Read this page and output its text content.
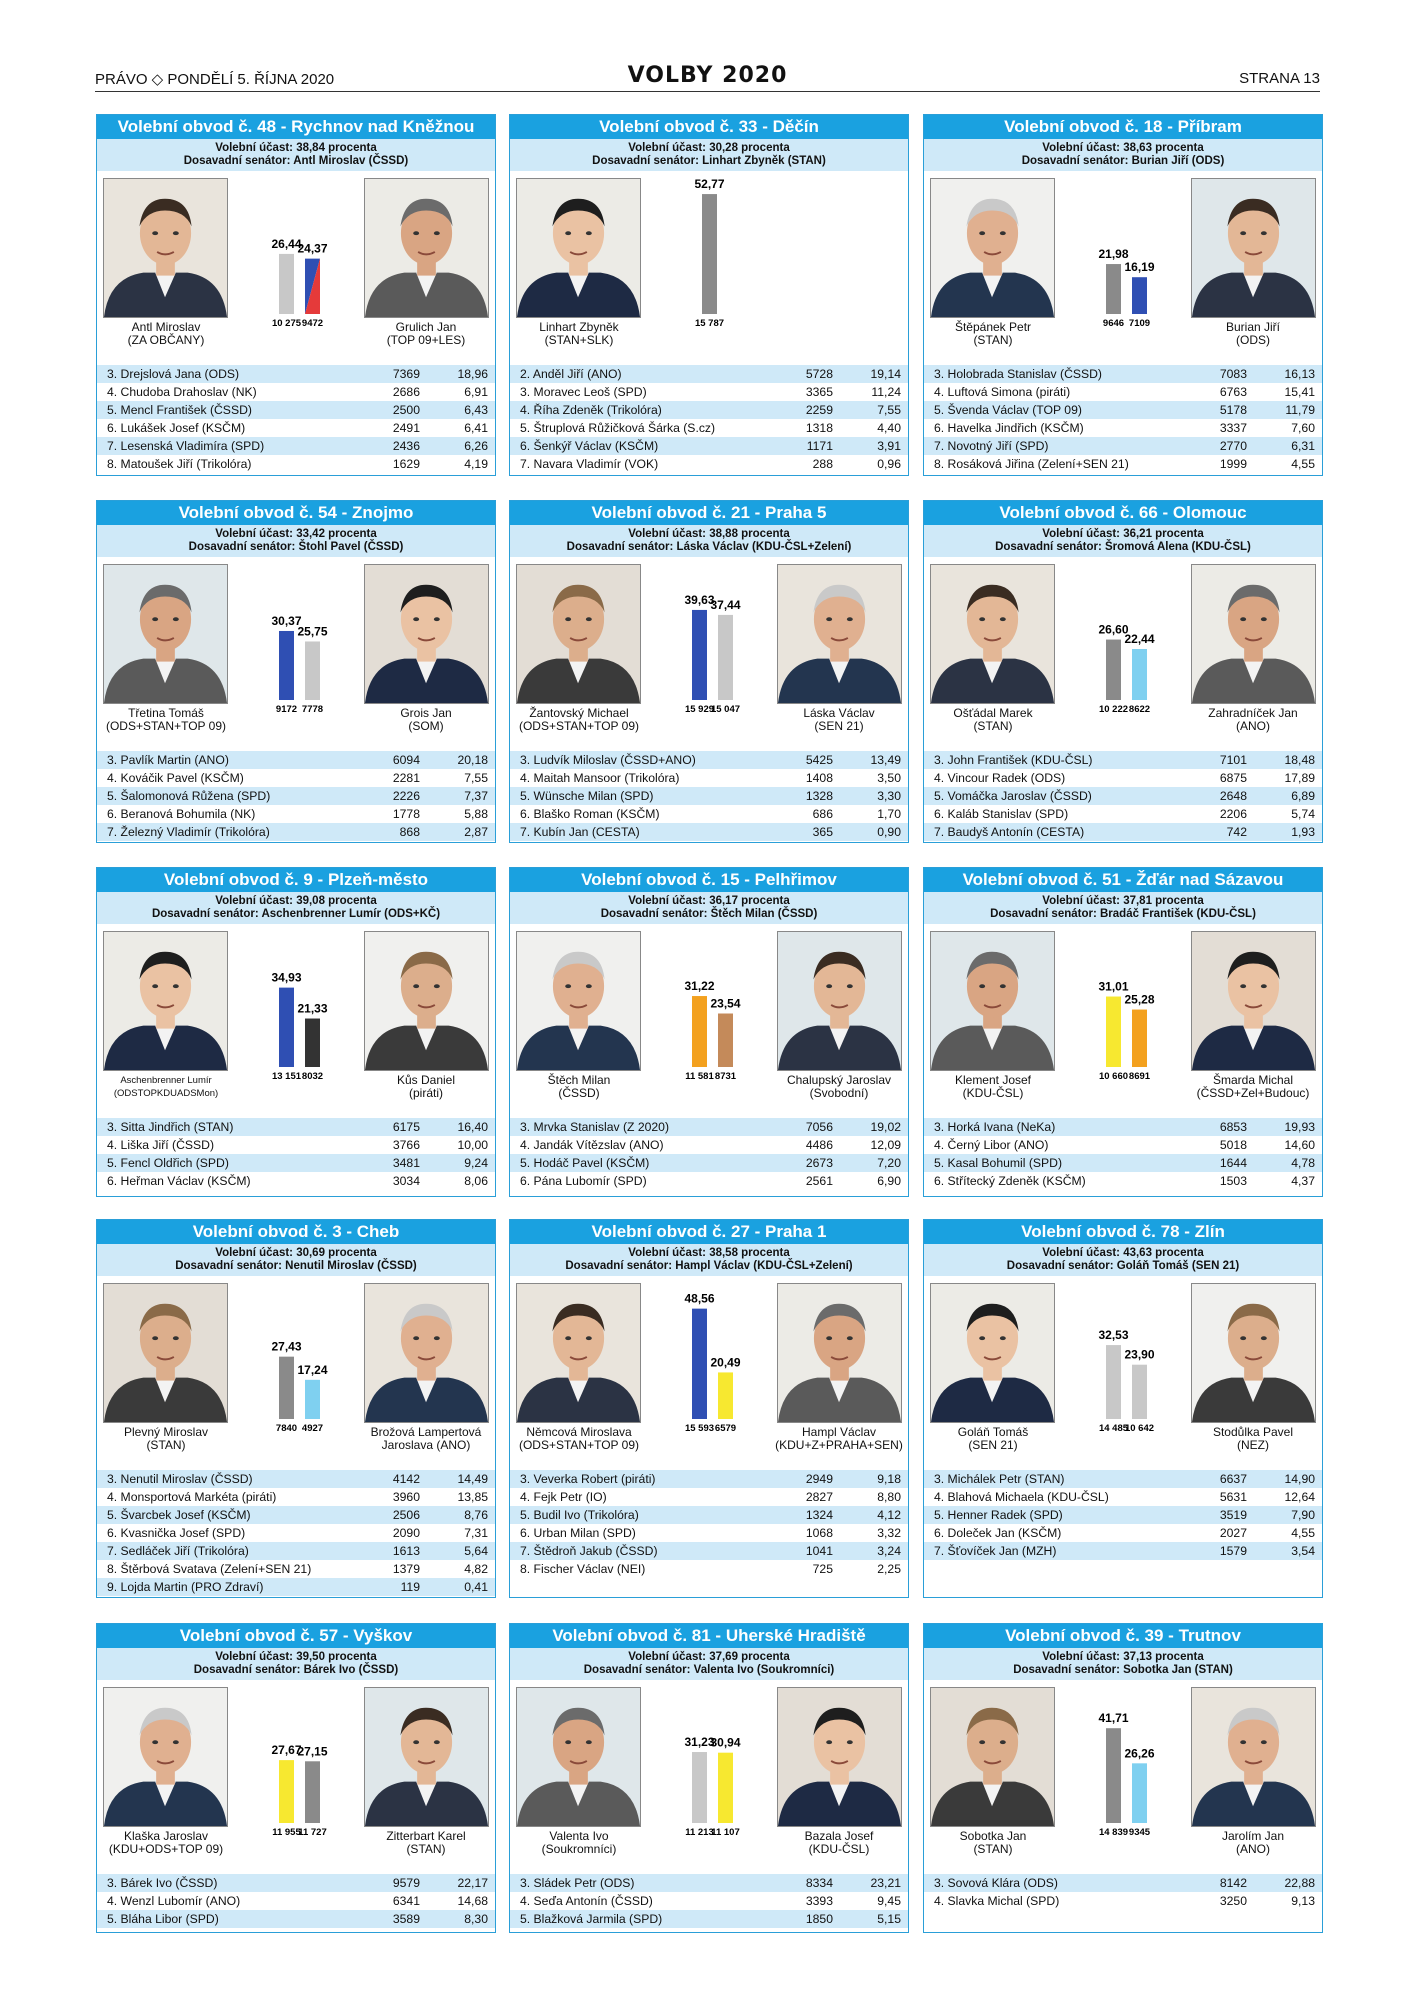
PRÁVO ◇ PONDĚLÍ 5. ŘÍJNA 2020	VOLBY 2020	STRANA 13
Volební obvod č. 48 - Rychnov nad Kněžnou
Volební účast: 38,84 procenta
Dosavadní senátor: Antl Miroslav (ČSSD)
Antl Miroslav
(ZA OBČANY)
Grulich Jan
(TOP 09+LES)
26,44
10 275
24,37
9472
3. Drejslová Jana (ODS)	7369	18,96
4. Chudoba Drahoslav (NK)	2686	6,91
5. Mencl František (ČSSD)	2500	6,43
6. Lukášek Josef (KSČM)	2491	6,41
7. Lesenská Vladimíra (SPD)	2436	6,26
8. Matoušek Jiří (Trikolóra)	1629	4,19
Volební obvod č. 33 - Děčín
Volební účast: 30,28 procenta
Dosavadní senátor: Linhart Zbyněk (STAN)
Linhart Zbyněk
(STAN+SLK)
52,77
15 787
2. Anděl Jiří (ANO)	5728	19,14
3. Moravec Leoš (SPD)	3365	11,24
4. Říha Zdeněk (Trikolóra)	2259	7,55
5. Štruplová Růžičková Šárka (S.cz)	1318	4,40
6. Šenkýř Václav (KSČM)	1171	3,91
7. Navara Vladimír (VOK)	288	0,96
Volební obvod č. 18 - Příbram
Volební účast: 38,63 procenta
Dosavadní senátor: Burian Jiří (ODS)
Štěpánek Petr
(STAN)
Burian Jiří
(ODS)
21,98
9646
16,19
7109
3. Holobrada Stanislav (ČSSD)	7083	16,13
4. Luftová Simona (piráti)	6763	15,41
5. Švenda Václav (TOP 09)	5178	11,79
6. Havelka Jindřich (KSČM)	3337	7,60
7. Novotný Jiří (SPD)	2770	6,31
8. Rosáková Jiřina (Zelení+SEN 21)	1999	4,55
Volební obvod č. 54 - Znojmo
Volební účast: 33,42 procenta
Dosavadní senátor: Štohl Pavel (ČSSD)
Třetina Tomáš
(ODS+STAN+TOP 09)
Grois Jan
(SOM)
30,37
9172
25,75
7778
3. Pavlík Martin (ANO)	6094	20,18
4. Kováčik Pavel (KSČM)	2281	7,55
5. Šalomonová Růžena (SPD)	2226	7,37
6. Beranová Bohumila (NK)	1778	5,88
7. Železný Vladimír (Trikolóra)	868	2,87
Volební obvod č. 21 - Praha 5
Volební účast: 38,88 procenta
Dosavadní senátor: Láska Václav (KDU-ČSL+Zelení)
Žantovský Michael
(ODS+STAN+TOP 09)
Láska Václav
(SEN 21)
39,63
15 929
37,44
15 047
3. Ludvík Miloslav (ČSSD+ANO)	5425	13,49
4. Maitah Mansoor (Trikolóra)	1408	3,50
5. Wünsche Milan (SPD)	1328	3,30
6. Blaško Roman (KSČM)	686	1,70
7. Kubín Jan (CESTA)	365	0,90
Volební obvod č. 66 - Olomouc
Volební účast: 36,21 procenta
Dosavadní senátor: Šromová Alena (KDU-ČSL)
Ošťádal Marek
(STAN)
Zahradníček Jan
(ANO)
26,60
10 222
22,44
8622
3. John František (KDU-ČSL)	7101	18,48
4. Vincour Radek (ODS)	6875	17,89
5. Vomáčka Jaroslav (ČSSD)	2648	6,89
6. Kaláb Stanislav (SPD)	2206	5,74
7. Baudyš Antonín (CESTA)	742	1,93
Volební obvod č. 9 - Plzeň-město
Volební účast: 39,08 procenta
Dosavadní senátor: Aschenbrenner Lumír (ODS+KČ)
Aschenbrenner Lumír
(ODSTOPKDUADSMon)
Kůs Daniel
(piráti)
34,93
13 151
21,33
8032
3. Sitta Jindřich (STAN)	6175	16,40
4. Liška Jiří (ČSSD)	3766	10,00
5. Fencl Oldřich (SPD)	3481	9,24
6. Heřman Václav (KSČM)	3034	8,06
Volební obvod č. 15 - Pelhřimov
Volební účast: 36,17 procenta
Dosavadní senátor: Štěch Milan (ČSSD)
Štěch Milan
(ČSSD)
Chalupský Jaroslav
(Svobodní)
31,22
11 581
23,54
8731
3. Mrvka Stanislav (Z 2020)	7056	19,02
4. Jandák Vítězslav (ANO)	4486	12,09
5. Hodáč Pavel (KSČM)	2673	7,20
6. Pána Lubomír (SPD)	2561	6,90
Volební obvod č. 51 - Žďár nad Sázavou
Volební účast: 37,81 procenta
Dosavadní senátor: Bradáč František (KDU-ČSL)
Klement Josef
(KDU-ČSL)
Šmarda Michal
(ČSSD+Zel+Budouc)
31,01
10 660
25,28
8691
3. Horká Ivana (NeKa)	6853	19,93
4. Černý Libor (ANO)	5018	14,60
5. Kasal Bohumil (SPD)	1644	4,78
6. Střítecký Zdeněk (KSČM)	1503	4,37
Volební obvod č. 3 - Cheb
Volební účast: 30,69 procenta
Dosavadní senátor: Nenutil Miroslav (ČSSD)
Plevný Miroslav
(STAN)
Brožová Lampertová
Jaroslava (ANO)
27,43
7840
17,24
4927
3. Nenutil Miroslav (ČSSD)	4142	14,49
4. Monsportová Markéta (piráti)	3960	13,85
5. Švarcbek Josef (KSČM)	2506	8,76
6. Kvasnička Josef (SPD)	2090	7,31
7. Sedláček Jiří (Trikolóra)	1613	5,64
8. Štěrbová Svatava (Zelení+SEN 21)	1379	4,82
9. Lojda Martin (PRO Zdraví)	119	0,41
Volební obvod č. 27 - Praha 1
Volební účast: 38,58 procenta
Dosavadní senátor: Hampl Václav (KDU-ČSL+Zelení)
Němcová Miroslava
(ODS+STAN+TOP 09)
Hampl Václav
(KDU+Z+PRAHA+SEN)
48,56
15 593
20,49
6579
3. Veverka Robert (piráti)	2949	9,18
4. Fejk Petr (IO)	2827	8,80
5. Budil Ivo (Trikolóra)	1324	4,12
6. Urban Milan (SPD)	1068	3,32
7. Štědroň Jakub (ČSSD)	1041	3,24
8. Fischer Václav (NEI)	725	2,25
Volební obvod č. 78 - Zlín
Volební účast: 43,63 procenta
Dosavadní senátor: Goláň Tomáš (SEN 21)
Goláň Tomáš
(SEN 21)
Stodůlka Pavel
(NEZ)
32,53
14 485
23,90
10 642
3. Michálek Petr (STAN)	6637	14,90
4. Blahová Michaela (KDU-ČSL)	5631	12,64
5. Henner Radek (SPD)	3519	7,90
6. Doleček Jan (KSČM)	2027	4,55
7. Šťovíček Jan (MZH)	1579	3,54
Volební obvod č. 57 - Vyškov
Volební účast: 39,50 procenta
Dosavadní senátor: Bárek Ivo (ČSSD)
Klaška Jaroslav
(KDU+ODS+TOP 09)
Zitterbart Karel
(STAN)
27,67
11 955
27,15
11 727
3. Bárek Ivo (ČSSD)	9579	22,17
4. Wenzl Lubomír (ANO)	6341	14,68
5. Bláha Libor (SPD)	3589	8,30
Volební obvod č. 81 - Uherské Hradiště
Volební účast: 37,69 procenta
Dosavadní senátor: Valenta Ivo (Soukromníci)
Valenta Ivo
(Soukromníci)
Bazala Josef
(KDU-ČSL)
31,23
11 213
30,94
11 107
3. Sládek Petr (ODS)	8334	23,21
4. Seďa Antonín (ČSSD)	3393	9,45
5. Blažková Jarmila (SPD)	1850	5,15
Volební obvod č. 39 - Trutnov
Volební účast: 37,13 procenta
Dosavadní senátor: Sobotka Jan (STAN)
Sobotka Jan
(STAN)
Jarolím Jan
(ANO)
41,71
14 839
26,26
9345
3. Sovová Klára (ODS)	8142	22,88
4. Slavka Michal (SPD)	3250	9,13
